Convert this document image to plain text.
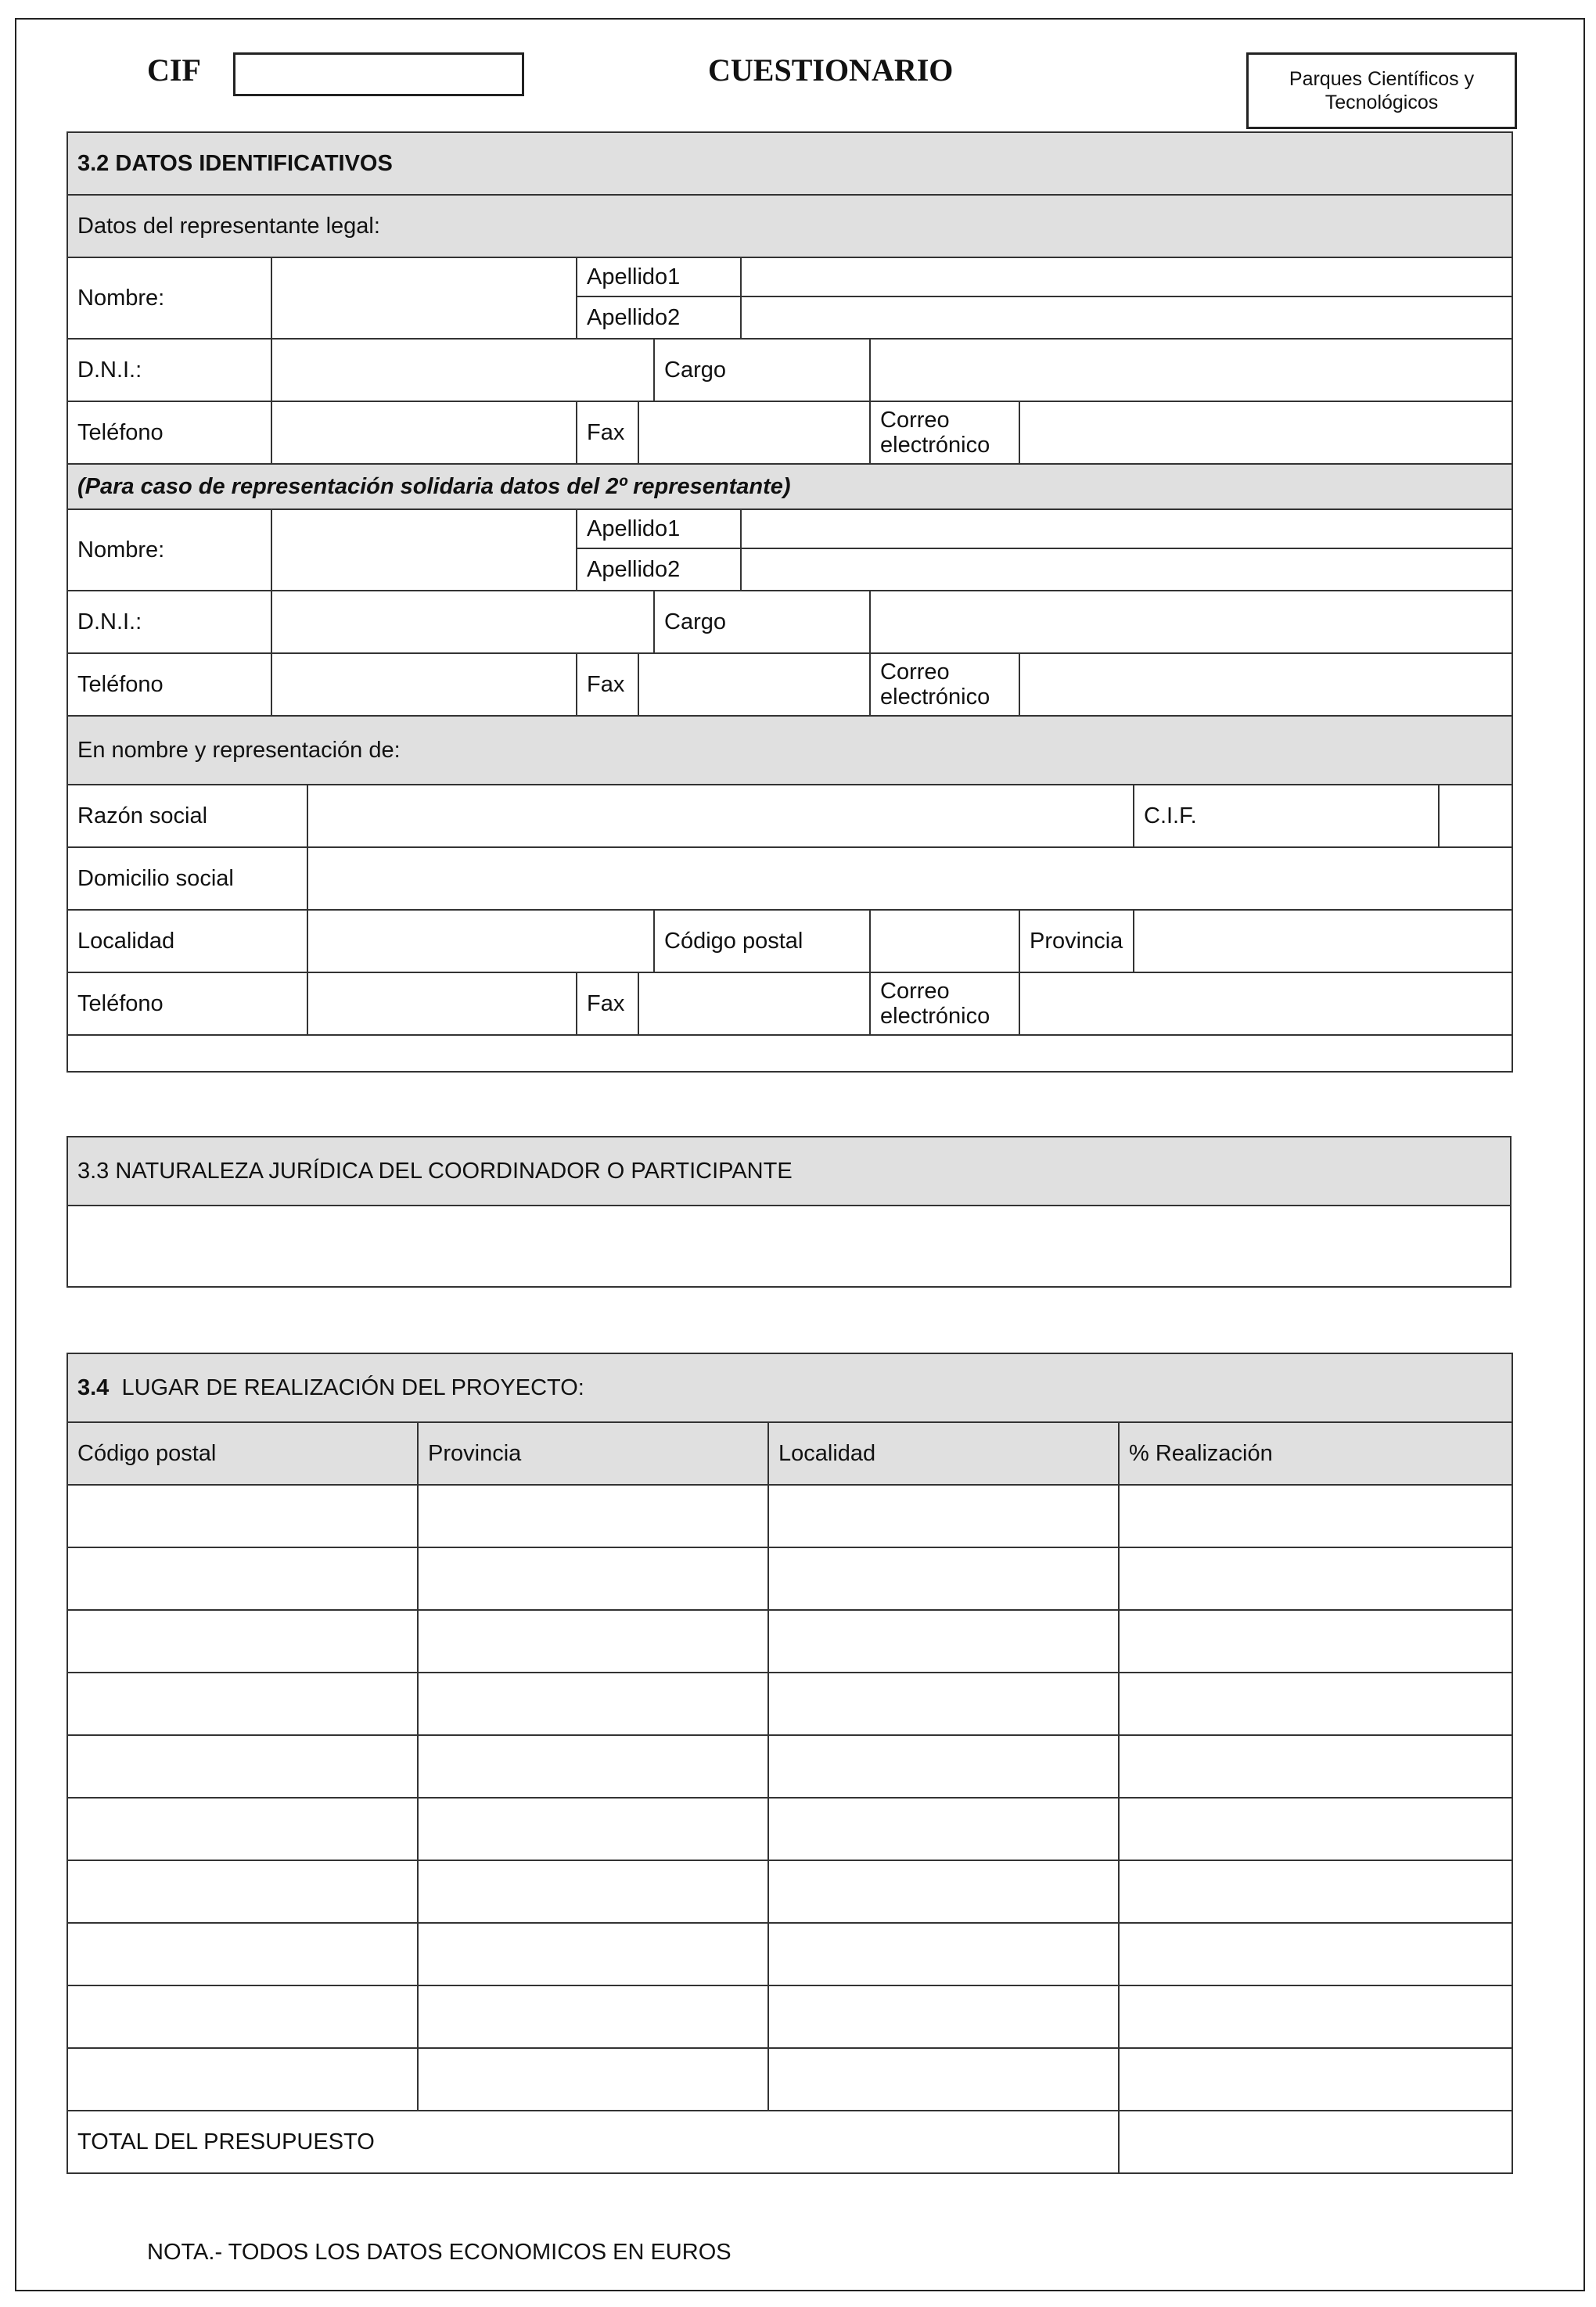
CIF	CUESTIONARIO	Parques Científicos y
Tecnológicos
3.2 DATOS IDENTIFICATIVOS										
Datos del representante legal:										
Nombre:			Apellido1							
			Apellido2							
D.N.I.:					Cargo					
Teléfono			Fax				Correo
electrónico			

(Para caso de representación solidaria datos del 2º representante)										
Nombre:			Apellido1							
			Apellido2							
D.N.I.:					Cargo					
Teléfono			Fax				Correo
electrónico			

En nombre y representación de:										
Razón social									C.I.F.	
Domicilio social										
Localidad					Código postal			Provincia		
Teléfono			Fax				Correo
electrónico			

3.3 NATURALEZA JURÍDICA DEL COORDINADOR O PARTICIPANTE

3.4  LUGAR DE REALIZACIÓN DEL PROYECTO:			
Código postal	Provincia	Localidad	% Realización

TOTAL DEL PRESUPUESTO			
NOTA.- TODOS LOS DATOS ECONOMICOS EN EUROS
